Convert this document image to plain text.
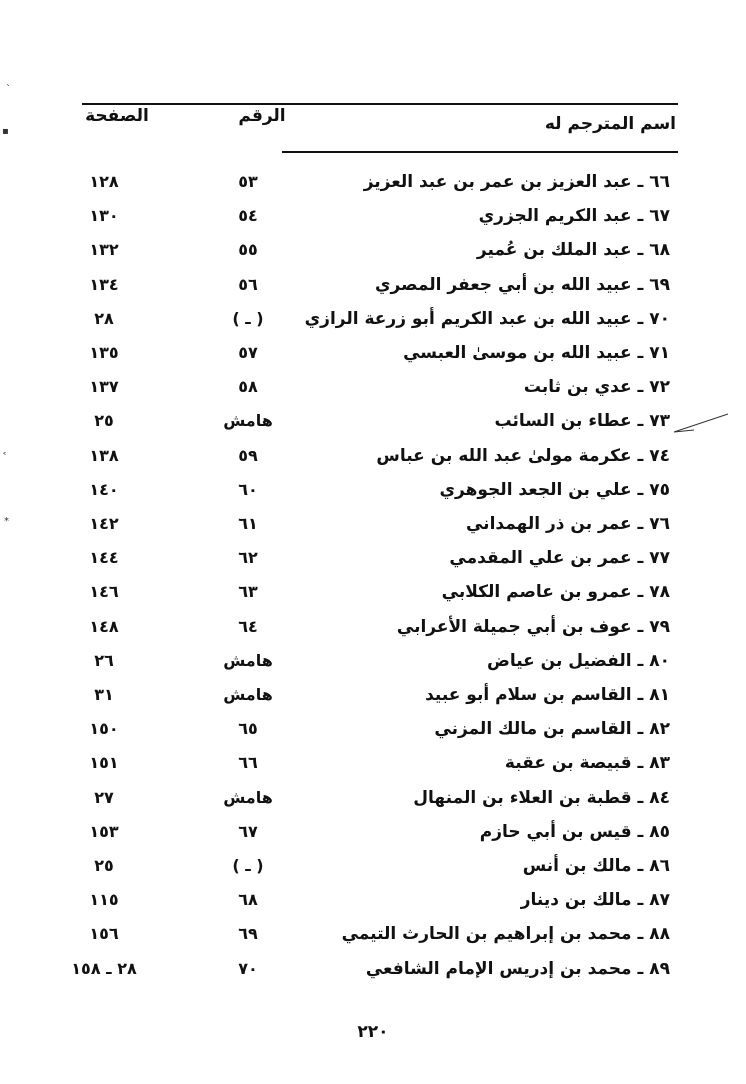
الصفحة	الرقم	اسم المترجم له
١٢٨	٥٣	٦٦ ـ عبد العزيز بن عمر بن عبد العزيز
١٣٠	٥٤	٦٧ ـ عبد الكريم الجزري
١٣٢	٥٥	٦٨ ـ عبد الملك بن عُمير
١٣٤	٥٦	٦٩ ـ عبيد الله بن أبي جعفر المصري
٢٨	( ـ )	٧٠ ـ عبيد الله بن عبد الكريم أبو زرعة الرازي
١٣٥	٥٧	٧١ ـ عبيد الله بن موسىٰ العبسي
١٣٧	٥٨	٧٢ ـ عدي بن ثابت
٢٥	هامش	٧٣ ـ عطاء بن السائب
١٣٨	٥٩	٧٤ ـ عكرمة مولىٰ عبد الله بن عباس
١٤٠	٦٠	٧٥ ـ علي بن الجعد الجوهري
١٤٢	٦١	٧٦ ـ عمر بن ذر الهمداني
١٤٤	٦٢	٧٧ ـ عمر بن علي المقدمي
١٤٦	٦٣	٧٨ ـ عمرو بن عاصم الكلابي
١٤٨	٦٤	٧٩ ـ عوف بن أبي جميلة الأعرابي
٢٦	هامش	٨٠ ـ الفضيل بن عياض
٣١	هامش	٨١ ـ القاسم بن سلام أبو عبيد
١٥٠	٦٥	٨٢ ـ القاسم بن مالك المزني
١٥١	٦٦	٨٣ ـ قبيصة بن عقبة
٢٧	هامش	٨٤ ـ قطبة بن العلاء بن المنهال
١٥٣	٦٧	٨٥ ـ قيس بن أبي حازم
٢٥	( ـ )	٨٦ ـ مالك بن أنس
١١٥	٦٨	٨٧ ـ مالك بن دينار
١٥٦	٦٩	٨٨ ـ محمد بن إبراهيم بن الحارث التيمي
٢٨ ـ ١٥٨	٧٠	٨٩ ـ محمد بن إدريس الإمام الشافعي
`
▪
˂
*
٢٢٠
